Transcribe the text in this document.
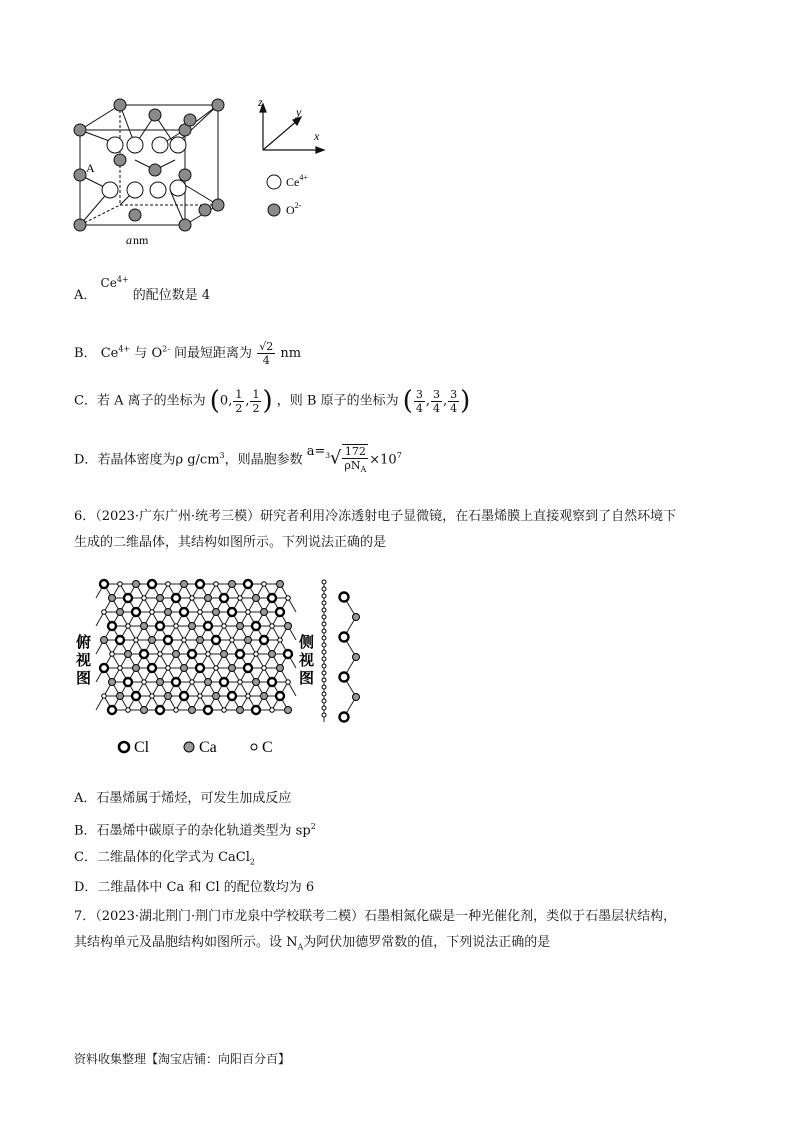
A
a nm
z
y
x
$Ce^{4+}$
$O^{2-}$
A． $Ce^{4+}$ 的配位数是 4
B． $Ce^{4+}$ 与 $O^{2-}$ 间最短距离为 $\frac{√2}{4}$ nm
C．若 A 离子的坐标为 (0, $\frac{1}{2}$ , $\frac{1}{2}$ ) ，则 B 原子的坐标为 ( $\frac{3}{4}$ , $\frac{3}{4}$ , $\frac{3}{4}$ )
D．若晶体密度为ρ $g/cm^3$，则晶胞参数 $a=^3√ \frac{172}{\rho N_A} \times 10^7$
6．（2023·广东广州·统考三模）研究者利用冷冻透射电子显微镜，在石墨烯膜上直接观察到了自然环境下
生成的二维晶体，其结构如图所示。下列说法正确的是
俯
视
图
侧
视
图
Cl	Ca	C
A．石墨烯属于烯烃，可发生加成反应
B．石墨烯中碳原子的杂化轨道类型为 $sp^2$
C．二维晶体的化学式为 CaCl$_2$
D．二维晶体中 Ca 和 Cl 的配位数均为 6
7．（2023·湖北荆门·荆门市龙泉中学校联考二模）石墨相氮化碳是一种光催化剂，类似于石墨层状结构，
其结构单元及晶胞结构如图所示。设 $N_A$为阿伏加德罗常数的值，下列说法正确的是
资料收集整理【淘宝店铺：向阳百分百】
